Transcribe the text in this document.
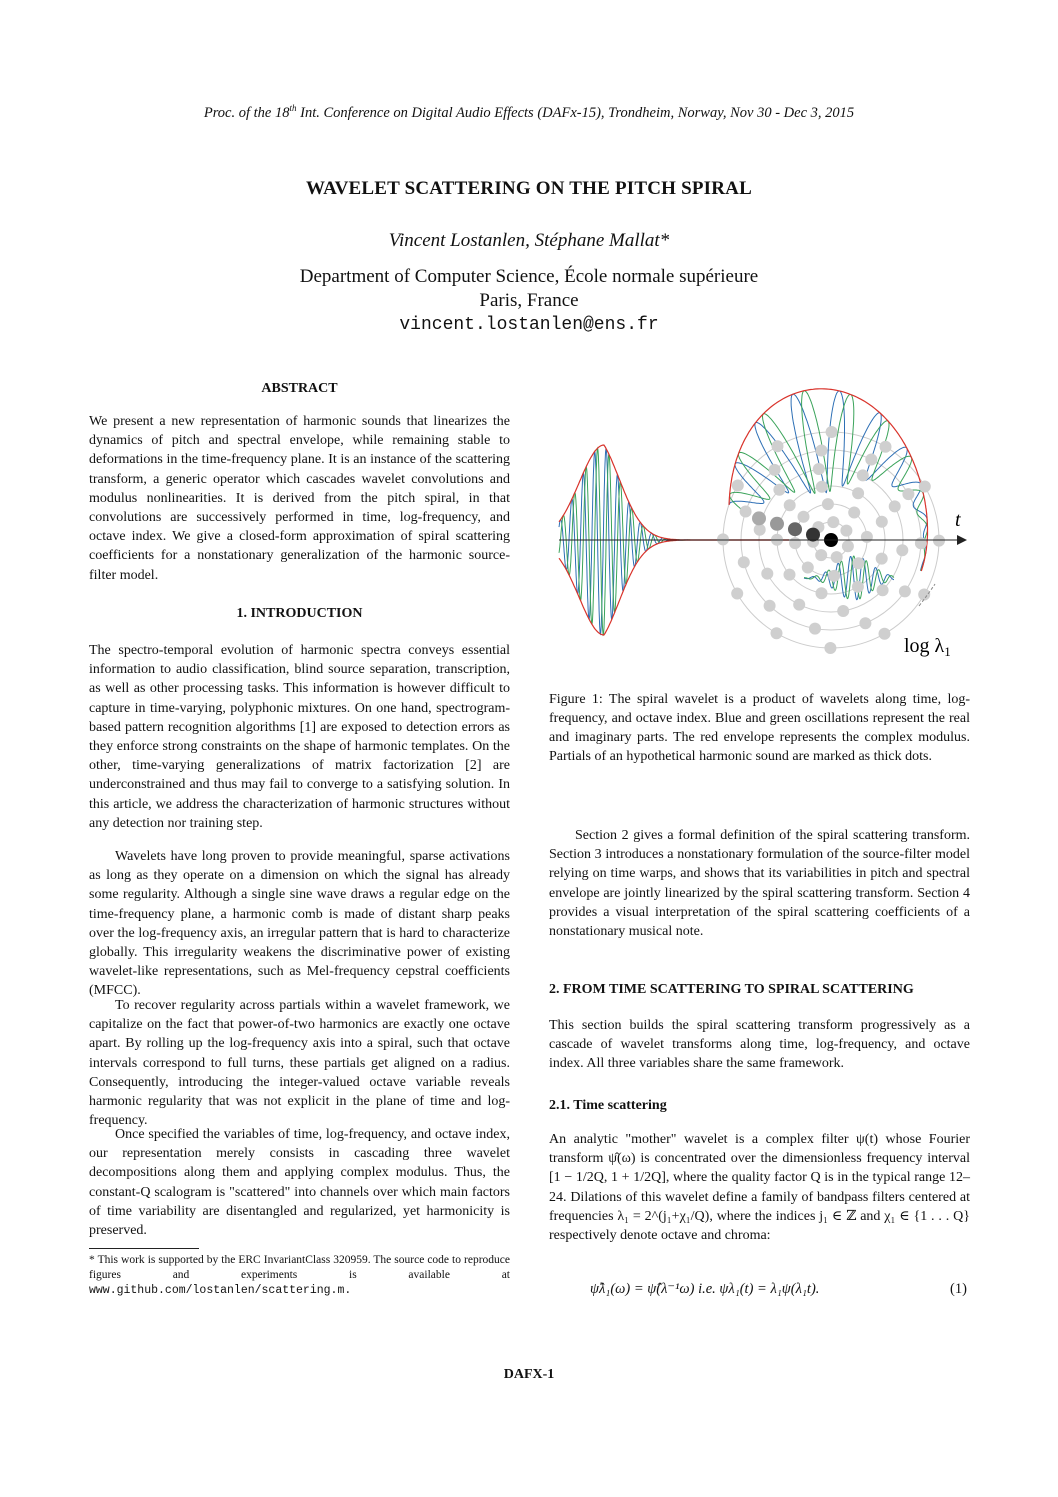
Proc. of the 18th Int. Conference on Digital Audio Effects (DAFx-15), Trondheim, Norway, Nov 30 - Dec 3, 2015
WAVELET SCATTERING ON THE PITCH SPIRAL
Vincent Lostanlen, Stéphane Mallat*
Department of Computer Science, École normale supérieure
Paris, France
vincent.lostanlen@ens.fr
ABSTRACT

We present a new representation of harmonic sounds that linearizes the dynamics of pitch and spectral envelope, while remaining stable to deformations in the time-frequency plane. It is an instance of the scattering transform, a generic operator which cascades wavelet convolutions and modulus nonlinearities. It is derived from the pitch spiral, in that convolutions are successively performed in time, log-frequency, and octave index. We give a closed-form approximation of spiral scattering coefficients for a nonstationary generalization of the harmonic source-filter model.

1. INTRODUCTION

The spectro-temporal evolution of harmonic spectra conveys essential information to audio classification, blind source separation, transcription, as well as other processing tasks. This information is however difficult to capture in time-varying, polyphonic mixtures. On one hand, spectrogram-based pattern recognition algorithms [1] are exposed to detection errors as they enforce strong constraints on the shape of harmonic templates. On the other, time-varying generalizations of matrix factorization [2] are underconstrained and thus may fail to converge to a satisfying solution. In this article, we address the characterization of harmonic structures without any detection nor training step.

Wavelets have long proven to provide meaningful, sparse activations as long as they operate on a dimension on which the signal has already some regularity. Although a single sine wave draws a regular edge on the time-frequency plane, a harmonic comb is made of distant sharp peaks over the log-frequency axis, an irregular pattern that is hard to characterize globally. This irregularity weakens the discriminative power of existing wavelet-like representations, such as Mel-frequency cepstral coefficients (MFCC).

To recover regularity across partials within a wavelet framework, we capitalize on the fact that power-of-two harmonics are exactly one octave apart. By rolling up the log-frequency axis into a spiral, such that octave intervals correspond to full turns, these partials get aligned on a radius. Consequently, introducing the integer-valued octave variable reveals harmonic regularity that was not explicit in the plane of time and log-frequency.

Once specified the variables of time, log-frequency, and octave index, our representation merely consists in cascading three wavelet decompositions along them and applying complex modulus. Thus, the constant-Q scalogram is "scattered" into channels over which main factors of time variability are disentangled and regularized, yet harmonicity is preserved.

* This work is supported by the ERC InvariantClass 320959. The source code to reproduce figures and experiments is available at www.github.com/lostanlen/scattering.m.
t
$\log \lambda_1$
Figure 1: The spiral wavelet is a product of wavelets along time, log-frequency, and octave index. Blue and green oscillations represent the real and imaginary parts. The red envelope represents the complex modulus. Partials of an hypothetical harmonic sound are marked as thick dots.

Section 2 gives a formal definition of the spiral scattering transform. Section 3 introduces a nonstationary formulation of the source-filter model relying on time warps, and shows that its variabilities in pitch and spectral envelope are jointly linearized by the spiral scattering transform. Section 4 provides a visual interpretation of the spiral scattering coefficients of a nonstationary musical note.

2. FROM TIME SCATTERING TO SPIRAL SCATTERING

This section builds the spiral scattering transform progressively as a cascade of wavelet transforms along time, log-frequency, and octave index. All three variables share the same framework.

2.1. Time scattering

An analytic "mother" wavelet is a complex filter ψ(t) whose Fourier transform ψ̂(ω) is concentrated over the dimensionless frequency interval [1 − 1/2Q, 1 + 1/2Q], where the quality factor Q is in the typical range 12–24. Dilations of this wavelet define a family of bandpass filters centered at frequencies λ₁ = 2^(j₁+χ₁/Q), where the indices j₁ ∈ ℤ and χ₁ ∈ {1 . . . Q} respectively denote octave and chroma:

ψ̂λ₁(ω) = ψ̂(λ⁻¹ω) i.e. ψλ₁(t) = λ₁ψ(λ₁t).	(1)
DAFX-1
